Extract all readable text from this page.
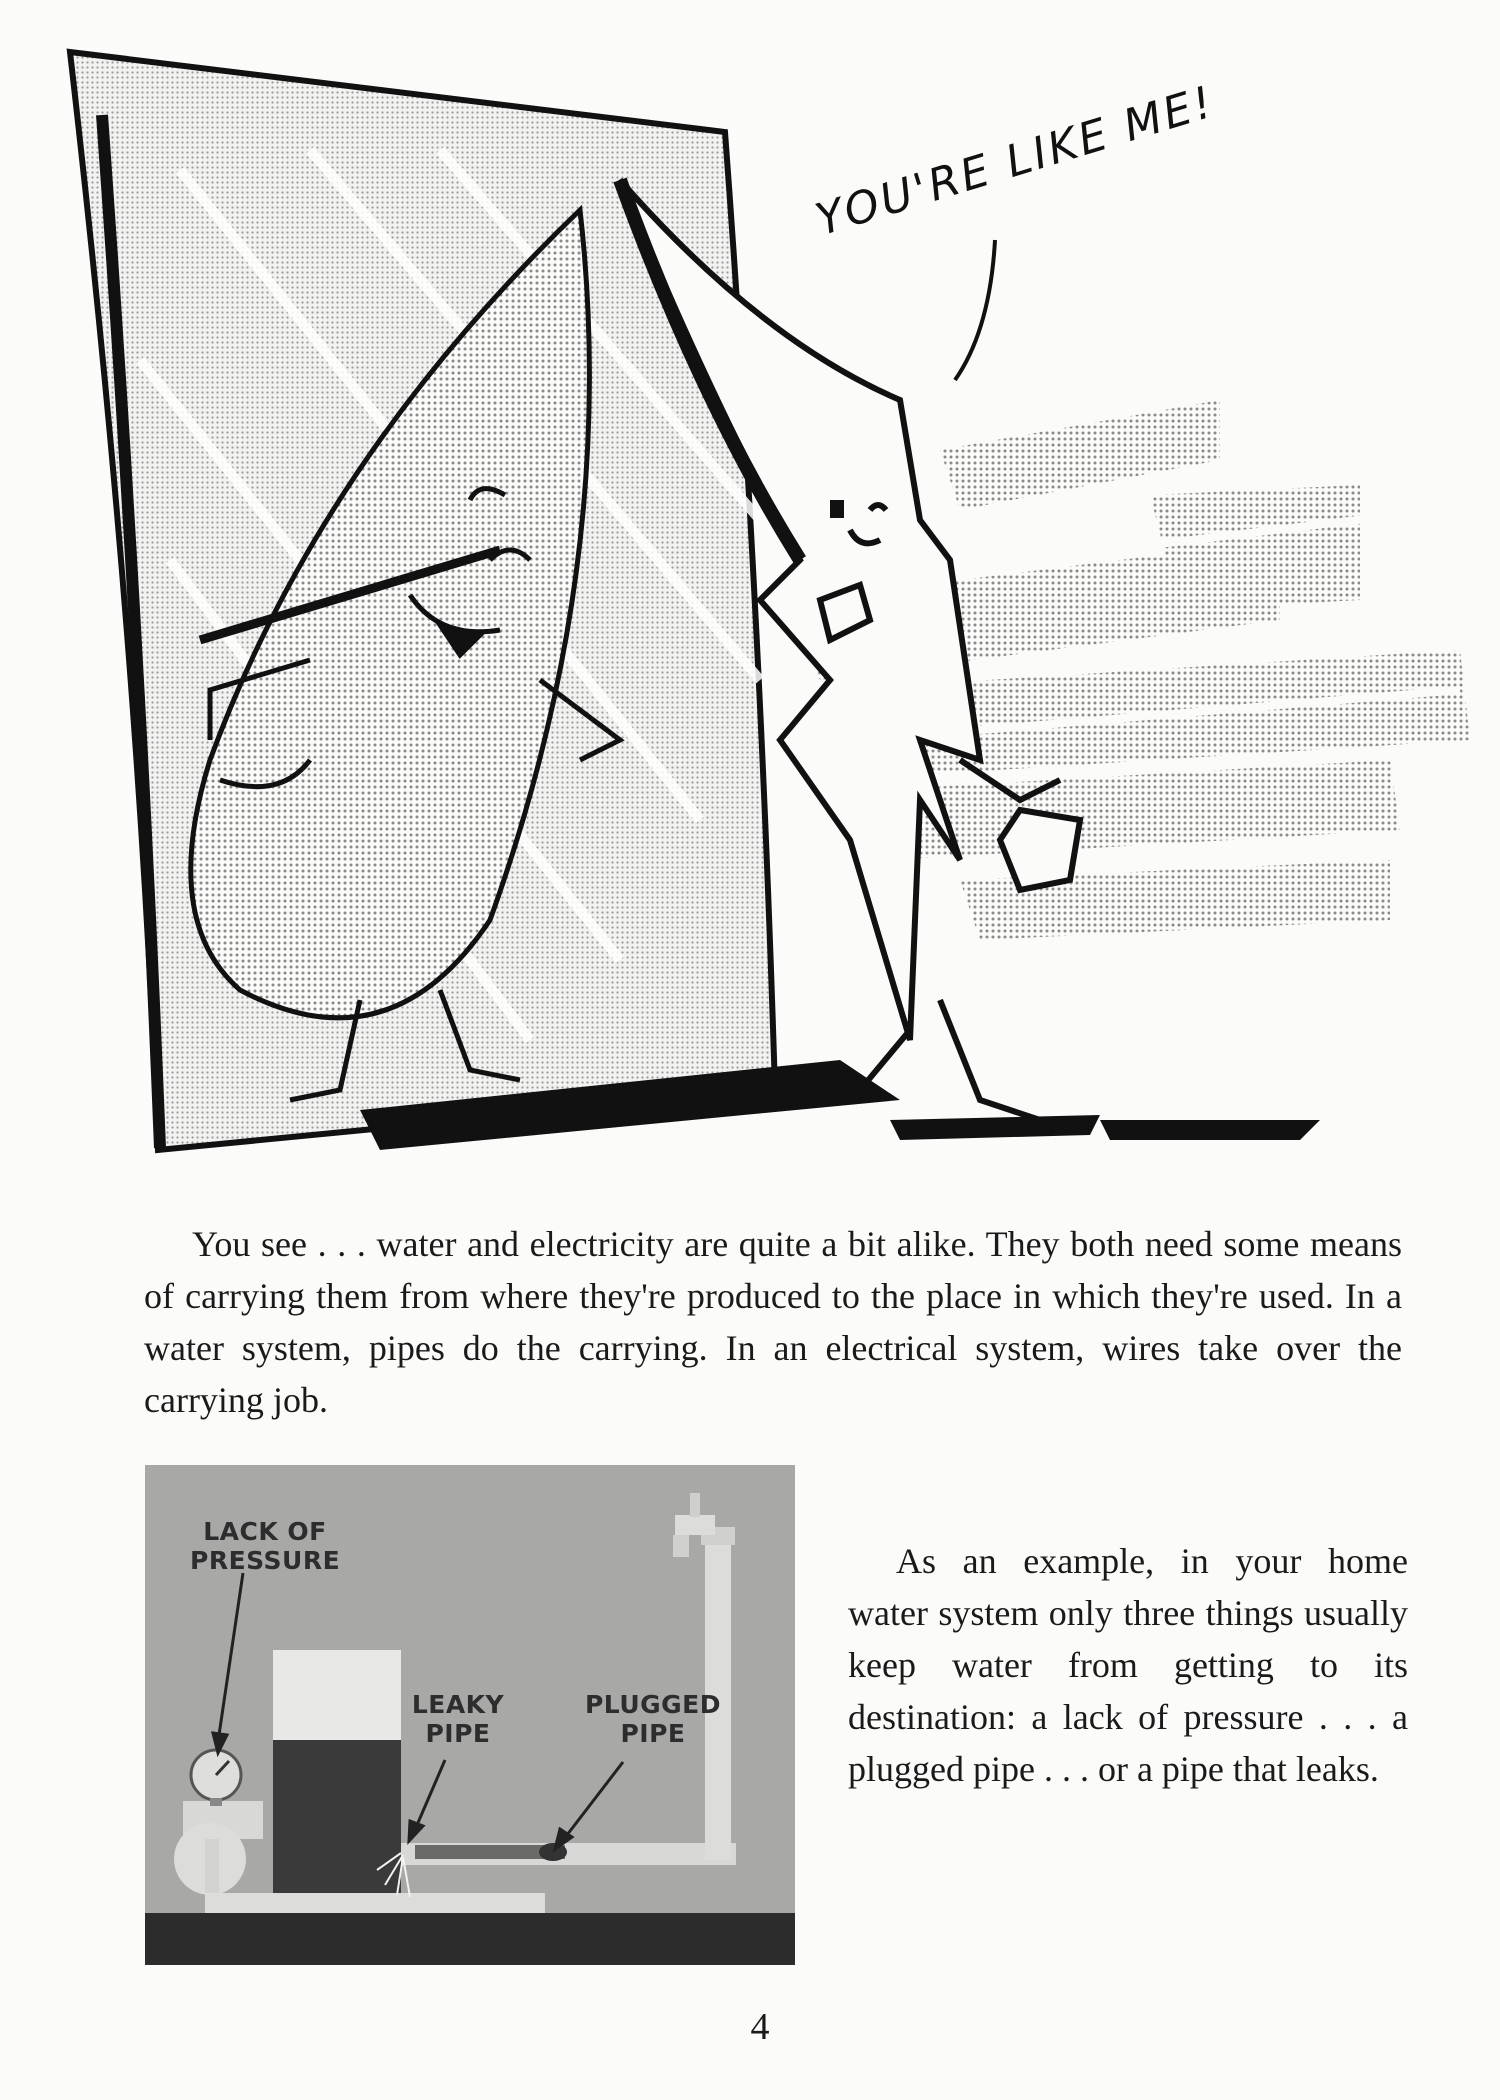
YOU'RE LIKE ME!

You see . . . water and electricity are quite a bit alike. They both need some means of carrying them from where they're produced to the place in which they're used. In a water system, pipes do the carrying. In an electrical system, wires take over the carrying job.

LACK OF PRESSURE
LEAKY PIPE
PLUGGED PIPE

As an example, in your home water system only three things usually keep water from getting to its destination: a lack of pressure . . . a plugged pipe . . . or a pipe that leaks.

4
